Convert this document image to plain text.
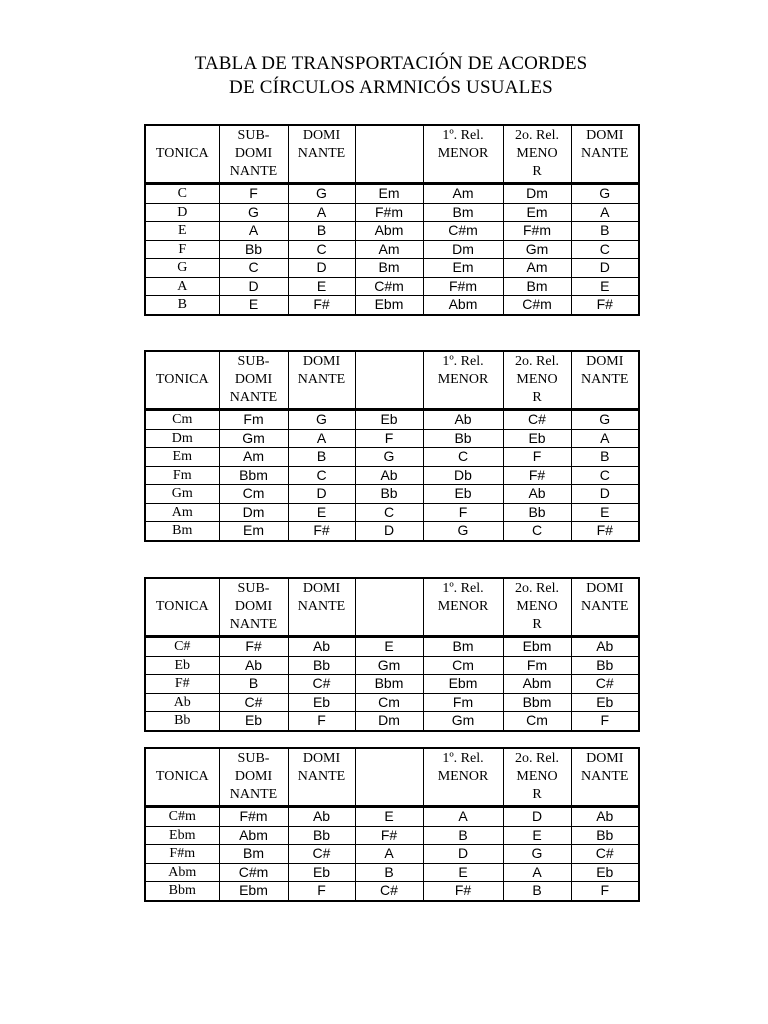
TABLA DE TRANSPORTACIÓN DE ACORDES
DE CÍRCULOS ARMNICÓS USUALES
TONICA	SUB-
DOMI
NANTE	DOMI
NANTE		1º. Rel.
MENOR	2o. Rel.
MENO
R	DOMI
NANTE

C	F	G	Em	Am	Dm	G
D	G	A	F#m	Bm	Em	A
E	A	B	Abm	C#m	F#m	B
F	Bb	C	Am	Dm	Gm	C
G	C	D	Bm	Em	Am	D
A	D	E	C#m	F#m	Bm	E
B	E	F#	Ebm	Abm	C#m	F#
TONICA	SUB-
DOMI
NANTE	DOMI
NANTE		1º. Rel.
MENOR	2o. Rel.
MENO
R	DOMI
NANTE

Cm	Fm	G	Eb	Ab	C#	G
Dm	Gm	A	F	Bb	Eb	A
Em	Am	B	G	C	F	B
Fm	Bbm	C	Ab	Db	F#	C
Gm	Cm	D	Bb	Eb	Ab	D
Am	Dm	E	C	F	Bb	E
Bm	Em	F#	D	G	C	F#
TONICA	SUB-
DOMI
NANTE	DOMI
NANTE		1º. Rel.
MENOR	2o. Rel.
MENO
R	DOMI
NANTE

C#	F#	Ab	E	Bm	Ebm	Ab
Eb	Ab	Bb	Gm	Cm	Fm	Bb
F#	B	C#	Bbm	Ebm	Abm	C#
Ab	C#	Eb	Cm	Fm	Bbm	Eb
Bb	Eb	F	Dm	Gm	Cm	F
TONICA	SUB-
DOMI
NANTE	DOMI
NANTE		1º. Rel.
MENOR	2o. Rel.
MENO
R	DOMI
NANTE

C#m	F#m	Ab	E	A	D	Ab
Ebm	Abm	Bb	F#	B	E	Bb
F#m	Bm	C#	A	D	G	C#
Abm	C#m	Eb	B	E	A	Eb
Bbm	Ebm	F	C#	F#	B	F
